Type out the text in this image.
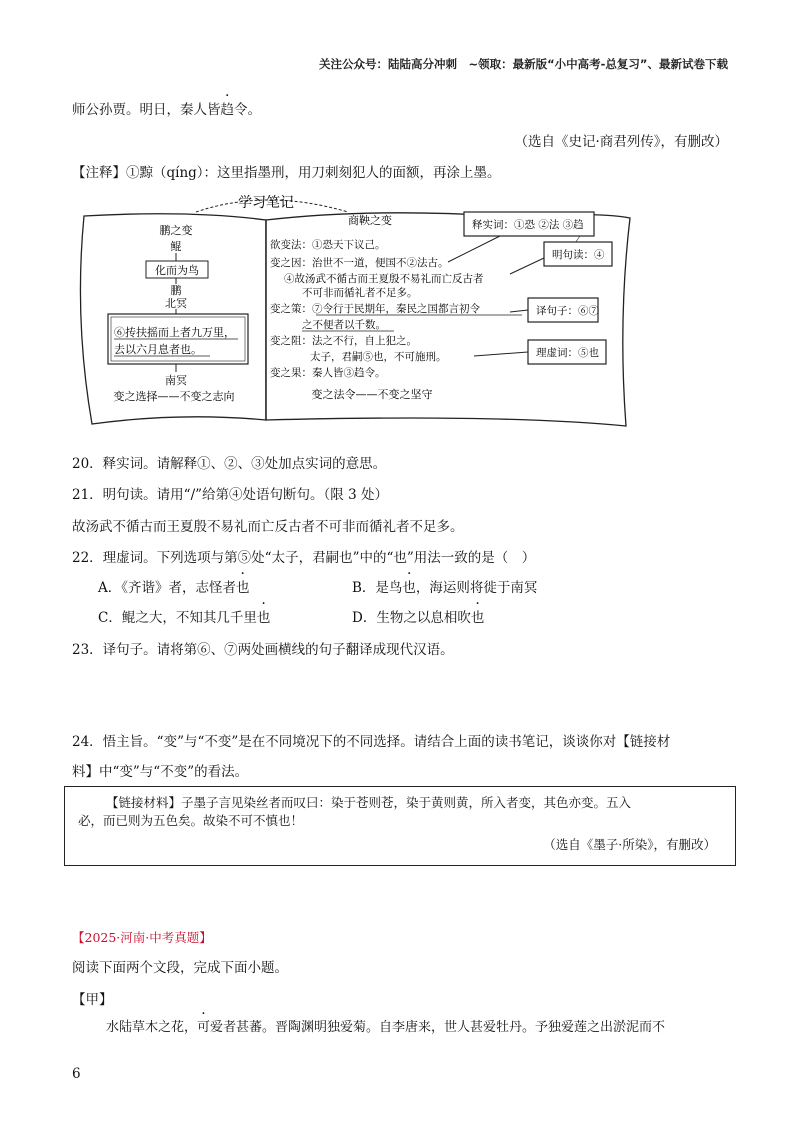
关注公众号：陆陆高分冲刺　~领取：最新版“小中高考-总复习”、最新试卷下载
师公孙贾。明日，秦人皆趋令。
（选自《史记·商君列传》，有删改）
【注释】①黥（qíng）：这里指墨刑，用刀刺刻犯人的面额，再涂上墨。
学习笔记
鹏之变
鲲
化而为鸟
鹏
北冥
⑥抟扶摇而上者九万里，
去以六月息者也。
南冥
变之选择——不变之志向
商鞅之变
欲变法：①恐天下议己。
变之因：治世不一道，便国不②法古。
④故汤武不循古而王夏殷不易礼而亡反古者
不可非而循礼者不足多。
变之策：⑦令行于民期年，秦民之国都言初令
之不便者以千数。
变之阻：法之不行，自上犯之。
太子，君嗣⑤也，不可施刑。
变之果：秦人皆③趋令。
变之法令——不变之坚守
释实词：①恐 ②法 ③趋
明句读：④
译句子：⑥⑦
理虚词：⑤也
20．释实词。请解释①、②、③处加点实词的意思。
21．明句读。请用“/”给第④处语句断句。（限 3 处）
故汤武不循古而王夏殷不易礼而亡反古者不可非而循礼者不足多。
22．理虚词。下列选项与第⑤处“太子，君嗣也”中的“也”用法一致的是（　）
A．《齐谐》者，志怪者也	B．是鸟也，海运则将徙于南冥
C．鲲之大，不知其几千里也	D．生物之以息相吹也
23．译句子。请将第⑥、⑦两处画横线的句子翻译成现代汉语。
24．悟主旨。“变”与“不变”是在不同境况下的不同选择。请结合上面的读书笔记，谈谈你对【链接材
料】中“变”与“不变”的看法。
【链接材料】子墨子言见染丝者而叹曰：染于苍则苍，染于黄则黄，所入者变，其色亦变。五入
必，而已则为五色矣。故染不可不慎也！
（选自《墨子·所染》，有删改）
【2025·河南·中考真题】
阅读下面两个文段，完成下面小题。
【甲】
水陆草木之花，可爱者甚蕃。晋陶渊明独爱菊。自李唐来，世人甚爱牡丹。予独爱莲之出淤泥而不
6
